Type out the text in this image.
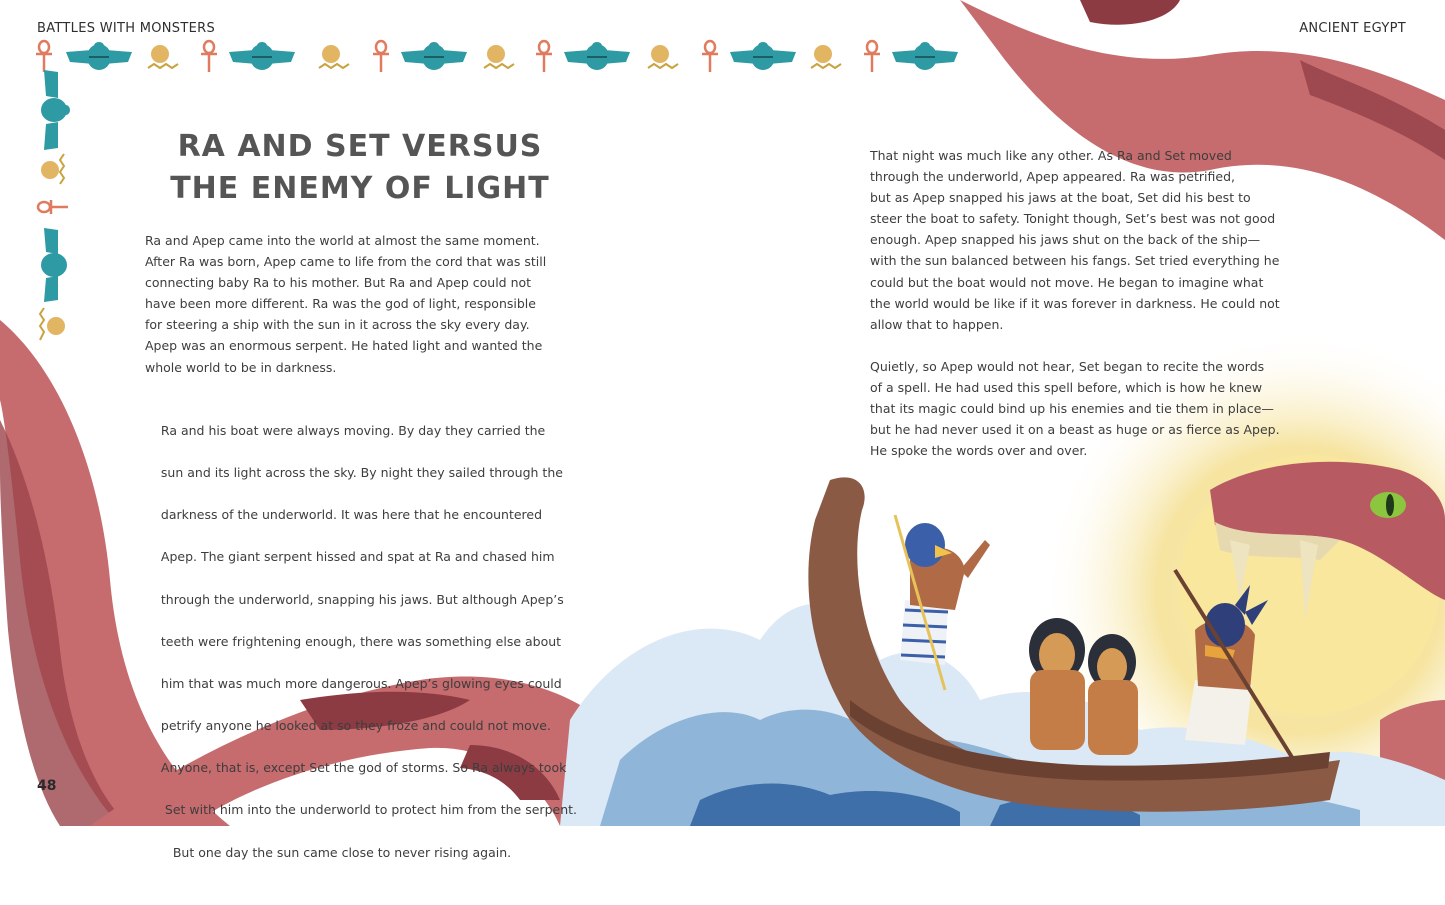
BATTLES WITH MONSTERS	ANCIENT EGYPT

RA AND SET VERSUS
THE ENEMY OF LIGHT

Ra and Apep came into the world at almost the same moment.
After Ra was born, Apep came to life from the cord that was still
connecting baby Ra to his mother. But Ra and Apep could not
have been more different. Ra was the god of light, responsible
for steering a ship with the sun in it across the sky every day.
Apep was an enormous serpent. He hated light and wanted the
whole world to be in darkness.

Ra and his boat were always moving. By day they carried the

sun and its light across the sky. By night they sailed through the

darkness of the underworld. It was here that he encountered

Apep. The giant serpent hissed and spat at Ra and chased him

through the underworld, snapping his jaws. But although Apep’s

teeth were frightening enough, there was something else about

him that was much more dangerous. Apep’s glowing eyes could

petrify anyone he looked at so they froze and could not move.

Anyone, that is, except Set the god of storms. So Ra always took

Set with him into the underworld to protect him from the serpent.

But one day the sun came close to never rising again.

That night was much like any other. As Ra and Set moved
through the underworld, Apep appeared. Ra was petrified,
but as Apep snapped his jaws at the boat, Set did his best to
steer the boat to safety. Tonight though, Set’s best was not good
enough. Apep snapped his jaws shut on the back of the ship—
with the sun balanced between his fangs. Set tried everything he
could but the boat would not move. He began to imagine what
the world would be like if it was forever in darkness. He could not
allow that to happen.

Quietly, so Apep would not hear, Set began to recite the words
of a spell. He had used this spell before, which is how he knew
that its magic could bind up his enemies and tie them in place—
but he had never used it on a beast as huge or as fierce as Apep.
He spoke the words over and over.

48
